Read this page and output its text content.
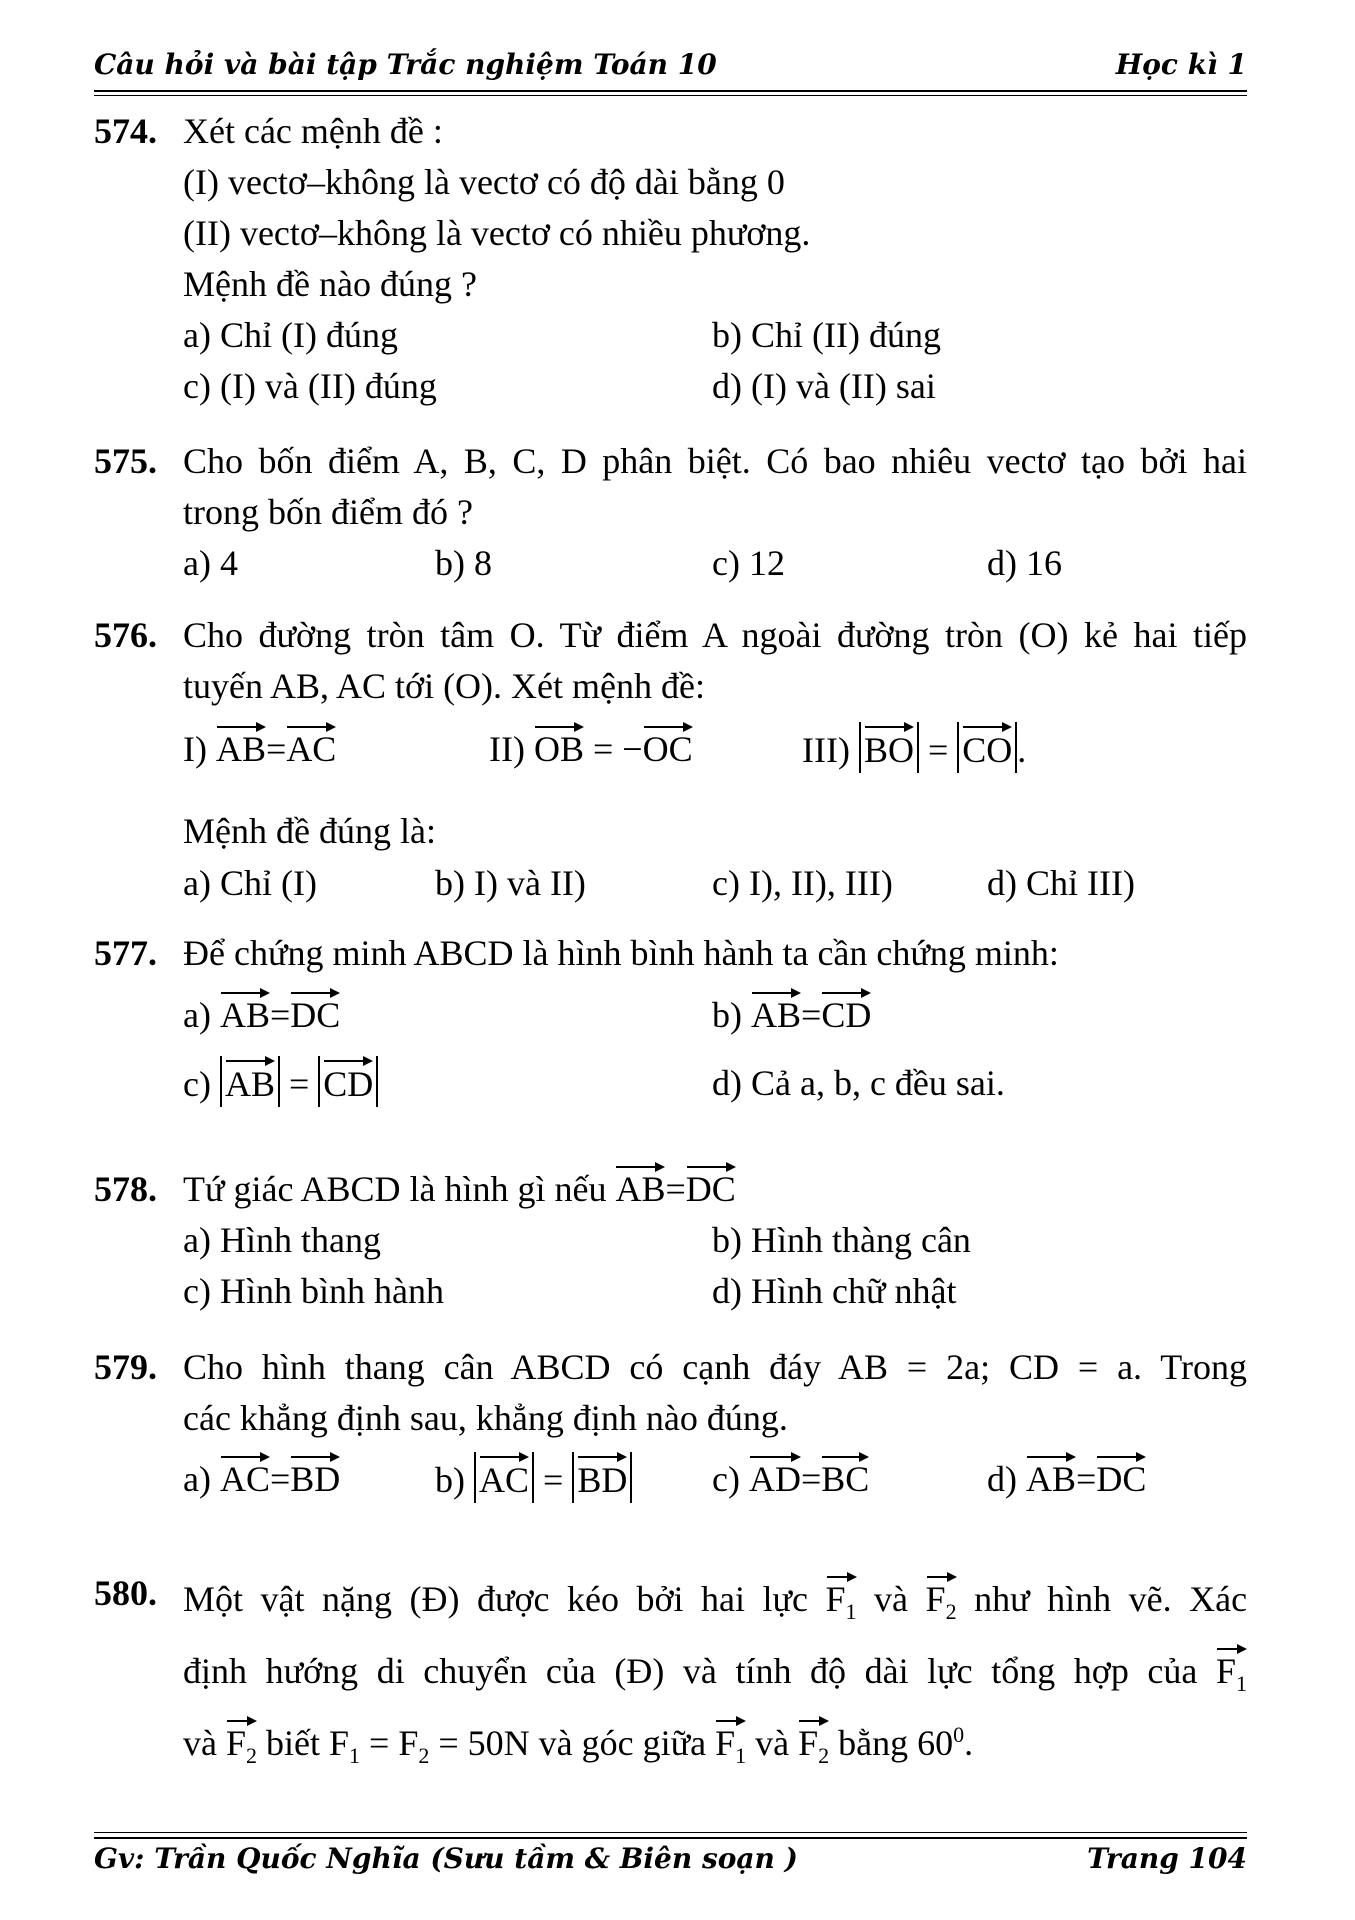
Câu hỏi và bài tập Trắc nghiệm Toán 10	Học kì 1
574. Xét các mệnh đề :
(I) vectơ–không là vectơ có độ dài bằng 0
(II) vectơ–không là vectơ có nhiều phương.
Mệnh đề nào đúng ?
a) Chỉ (I) đúng	b) Chỉ (II) đúng
c) (I) và (II) đúng	d) (I) và (II) sai
575. Cho bốn điểm A, B, C, D phân biệt. Có bao nhiêu vectơ tạo bởi hai
trong bốn điểm đó ?
a) 4	b) 8	c) 12	d) 16
576. Cho đường tròn tâm O. Từ điểm A ngoài đường tròn (O) kẻ hai tiếp
tuyến AB, AC tới (O). Xét mệnh đề:
I) AB=AC	II) OB = −OC	III) BO = CO .
Mệnh đề đúng là:
a) Chỉ (I)	b) I) và II)	c) I), II), III)	d) Chỉ III)
577. Để chứng minh ABCD là hình bình hành ta cần chứng minh:
a) AB=DC	b) AB=CD
c) AB = CD	d) Cả a, b, c đều sai.
578. Tứ giác ABCD là hình gì nếu AB=DC
a) Hình thang	b) Hình thàng cân
c) Hình bình hành	d) Hình chữ nhật
579. Cho hình thang cân ABCD có cạnh đáy AB = 2a; CD = a. Trong
các khẳng định sau, khẳng định nào đúng.
a) AC=BD	b) AC = BD c) AD=BC	d) AB=DC
580. Một vật nặng (Đ) được kéo bởi hai lực $F_1$ và $F_2$ như hình vẽ. Xác
định hướng di chuyển của (Đ) và tính độ dài lực tổng hợp của $F_1$
và $F_2$ biết $F_1 = F_2 = 50N$ và góc giữa $F_1$ và $F_2$ bằng $60^0$.
Gv: Trần Quốc Nghĩa (Sưu tầm & Biên soạn )	Trang 104
